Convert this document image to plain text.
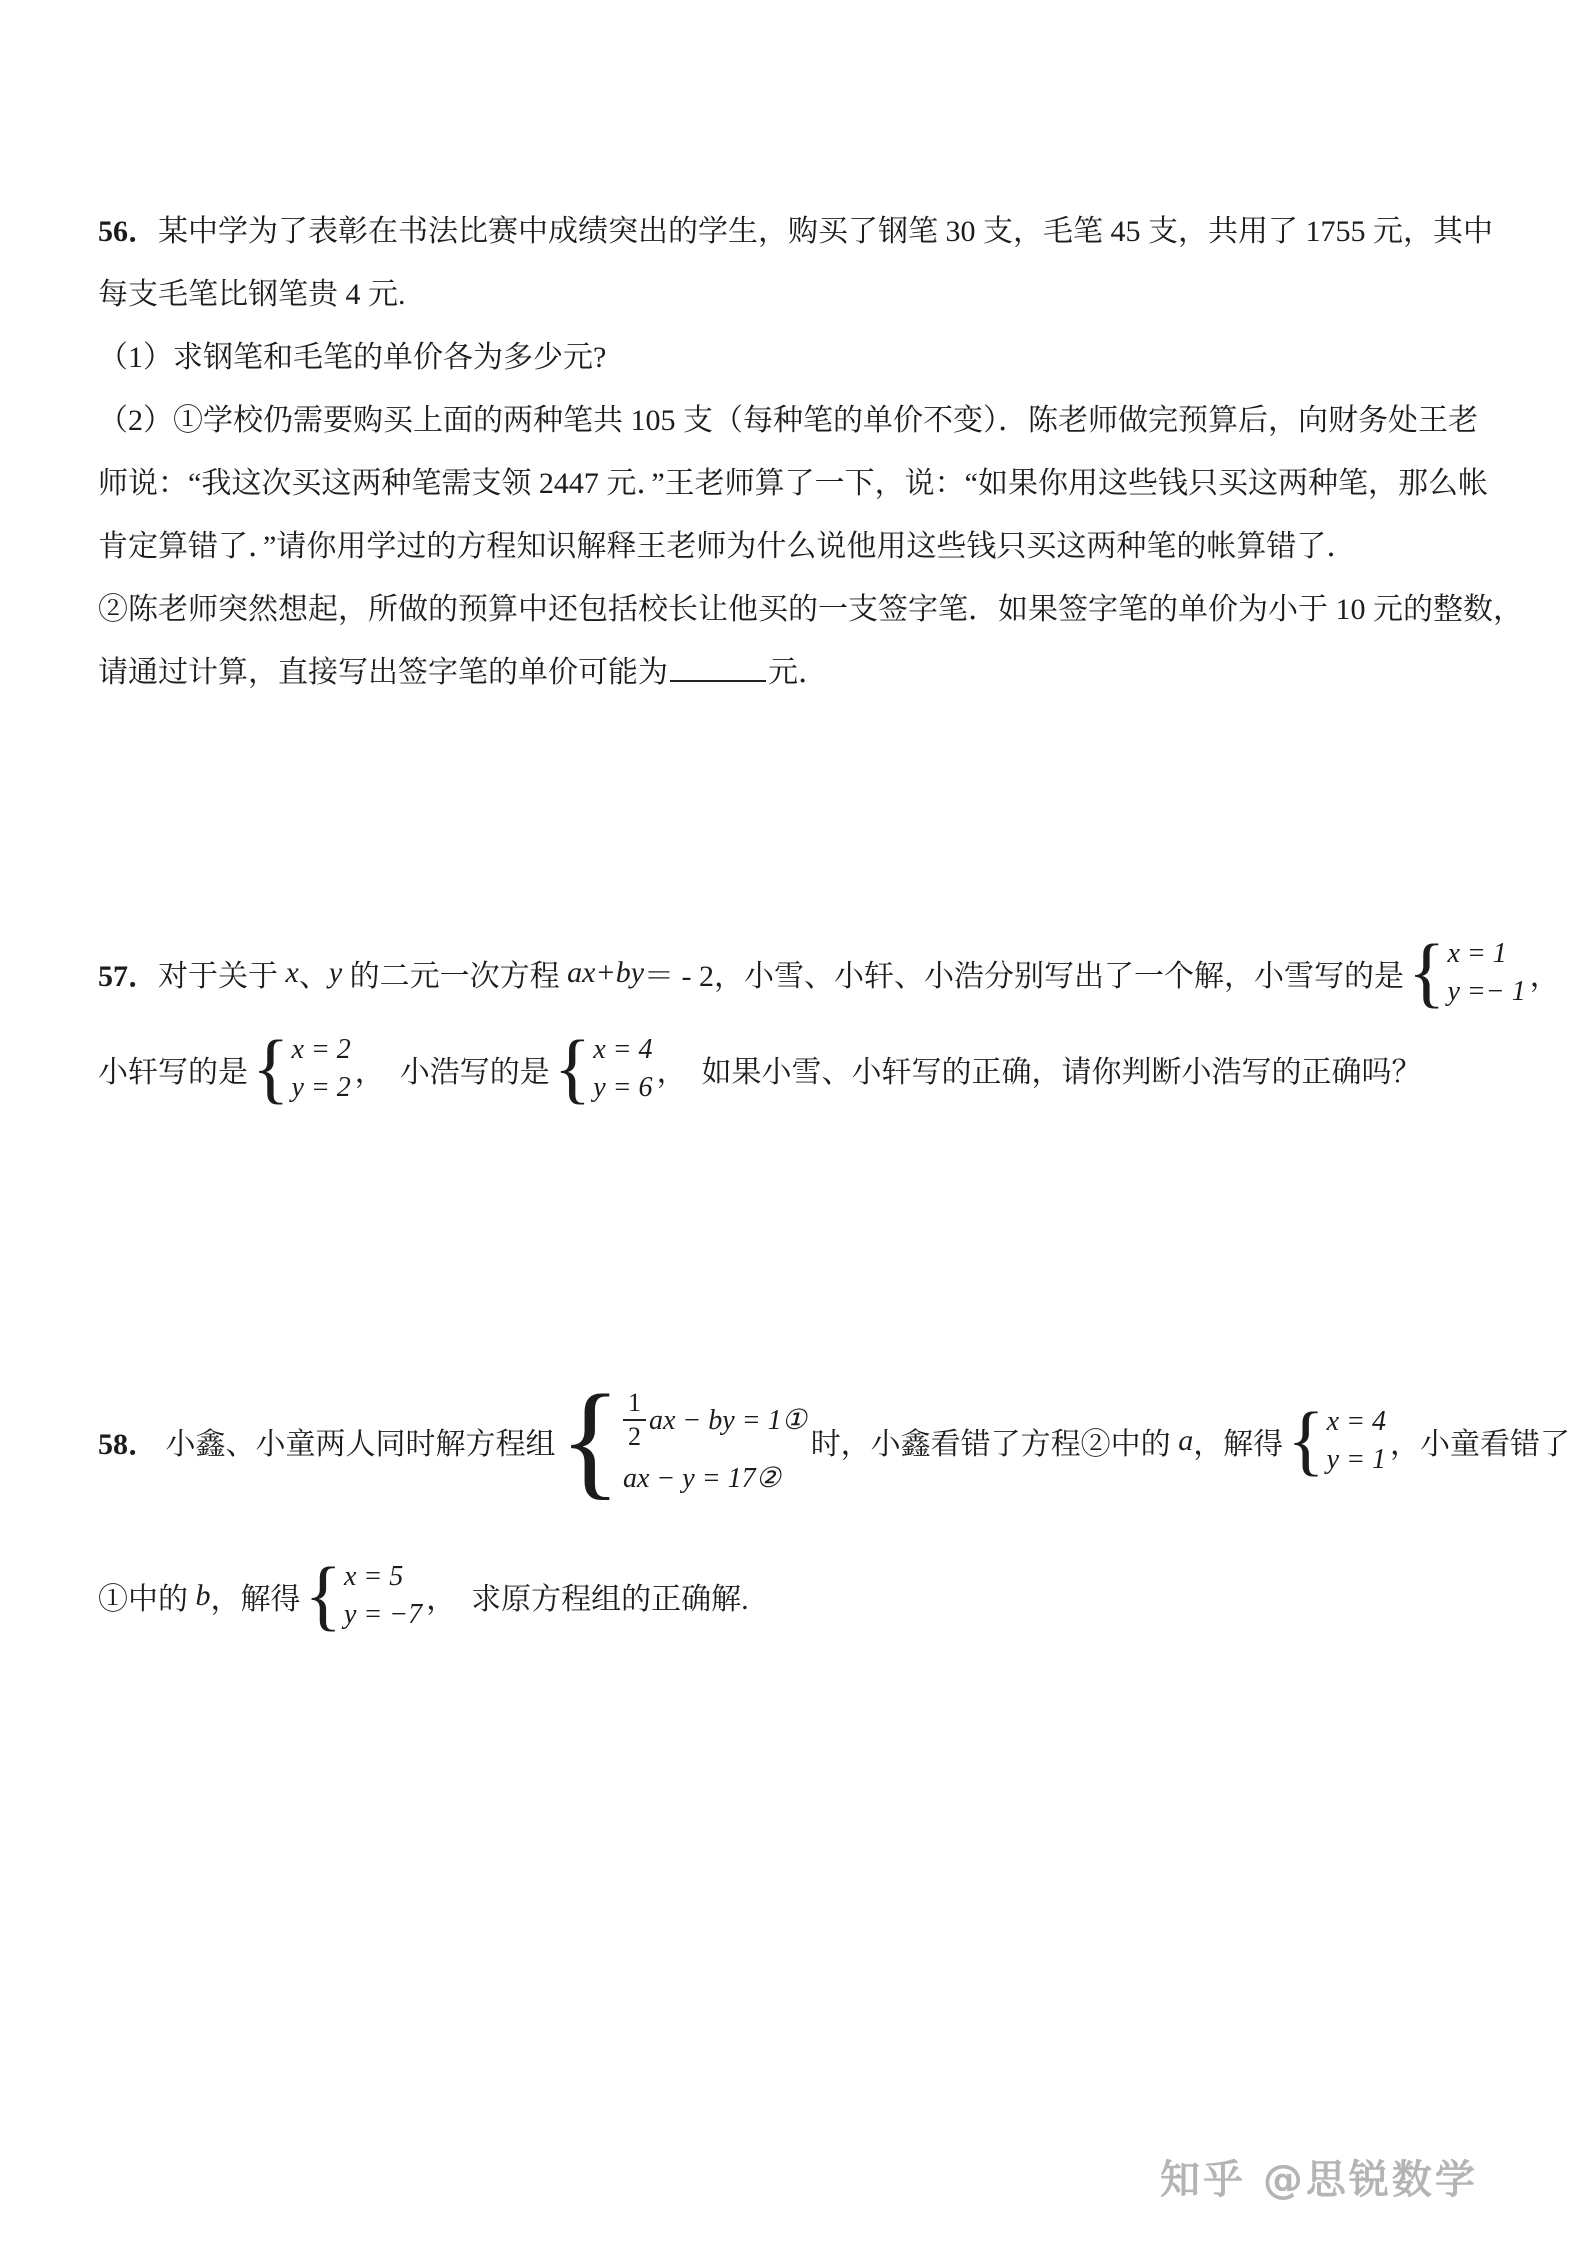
56．某中学为了表彰在书法比赛中成绩突出的学生，购买了钢笔 30 支，毛笔 45 支，共用了 1755 元，其中
每支毛笔比钢笔贵 4 元.
（1）求钢笔和毛笔的单价各为多少元?
（2）①学校仍需要购买上面的两种笔共 105 支（每种笔的单价不变）．陈老师做完预算后，向财务处王老
师说：“我这次买这两种笔需支领 2447 元．”王老师算了一下，说：“如果你用这些钱只买这两种笔，那么帐
肯定算错了．”请你用学过的方程知识解释王老师为什么说他用这些钱只买这两种笔的帐算错了．
②陈老师突然想起，所做的预算中还包括校长让他买的一支签字笔．如果签字笔的单价为小于 10 元的整数，
请通过计算，直接写出签字笔的单价可能为	元．
57． 对于关于 x 、 y 的二元一次方程 ax+by ＝ - 2，小雪、小轩、小浩分别写出了一个解，小雪写的是 { x = 1
y =− 1 ，
小轩写的是 { x = 2
y = 2 ，  小浩写的是 { x = 4
y = 6 ，  如果小雪、小轩写的正确，请你判断小浩写的正确吗？
58． 小鑫、小童两人同时解方程组 { $\frac{1}{2}$ ax − by = 1①
ax − y = 17②
时，小鑫看错了方程②中的 a ，解得 { x = 4
y = 1 ，小童看错了
①中的 b ，解得 { x = 5
y = −7 ，  求原方程组的正确解.
知乎 @思锐数学
